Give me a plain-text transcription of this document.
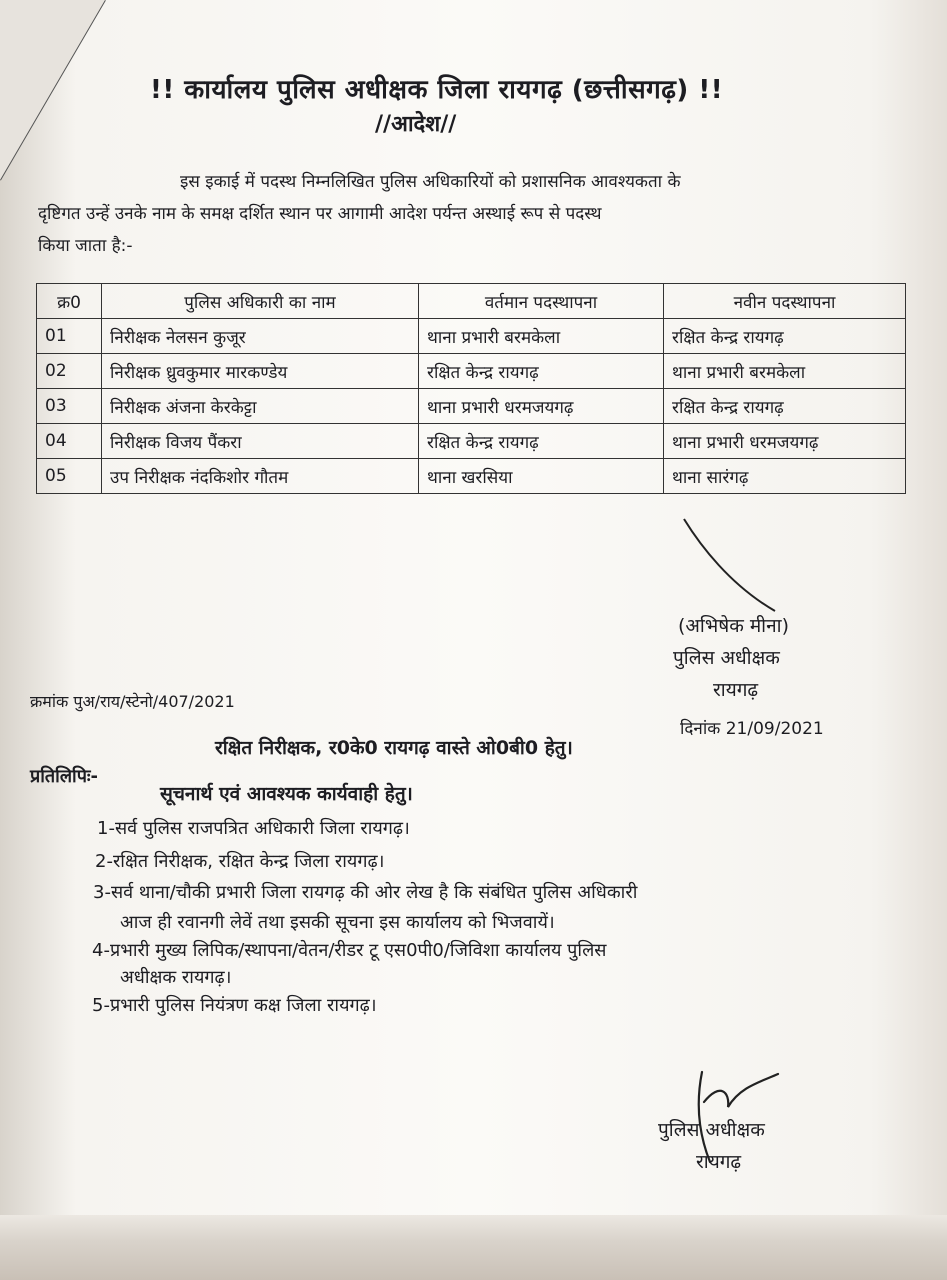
!! कार्यालय पुलिस अधीक्षक जिला रायगढ़ (छत्तीसगढ़) !!
//आदेश//
इस इकाई में पदस्थ निम्नलिखित पुलिस अधिकारियों को प्रशासनिक आवश्यकता के
दृष्टिगत उन्हें उनके नाम के समक्ष दर्शित स्थान पर आगामी आदेश पर्यन्त अस्थाई रूप से पदस्थ
किया जाता है:-
क्र0	पुलिस अधिकारी का नाम	वर्तमान पदस्थापना	नवीन पदस्थापना
01	निरीक्षक नेलसन कुजूर	थाना प्रभारी बरमकेला	रक्षित केन्द्र रायगढ़
02	निरीक्षक ध्रुवकुमार मारकण्डेय	रक्षित केन्द्र रायगढ़	थाना प्रभारी बरमकेला
03	निरीक्षक अंजना केरकेट्टा	थाना प्रभारी धरमजयगढ़	रक्षित केन्द्र रायगढ़
04	निरीक्षक विजय पैंकरा	रक्षित केन्द्र रायगढ़	थाना प्रभारी धरमजयगढ़
05	उप निरीक्षक नंदकिशोर गौतम	थाना खरसिया	थाना सारंगढ़
(अभिषेक मीना)
पुलिस अधीक्षक
रायगढ़
क्रमांक पुअ/राय/स्टेनो/407/2021
दिनांक 21/09/2021
रक्षित निरीक्षक, र0के0 रायगढ़ वास्ते ओ0बी0 हेतु।
प्रतिलिपिः-
सूचनार्थ एवं आवश्यक कार्यवाही हेतु।
1-सर्व पुलिस राजपत्रित अधिकारी जिला रायगढ़।
2-रक्षित निरीक्षक, रक्षित केन्द्र जिला रायगढ़।
3-सर्व थाना/चौकी प्रभारी जिला रायगढ़ की ओर लेख है कि संबंधित पुलिस अधिकारी
आज ही रवानगी लेवें तथा इसकी सूचना इस कार्यालय को भिजवायें।
4-प्रभारी मुख्य लिपिक/स्थापना/वेतन/रीडर टू एस0पी0/जिविशा कार्यालय पुलिस
अधीक्षक रायगढ़।
5-प्रभारी पुलिस नियंत्रण कक्ष जिला रायगढ़।
पुलिस अधीक्षक
रायगढ़
